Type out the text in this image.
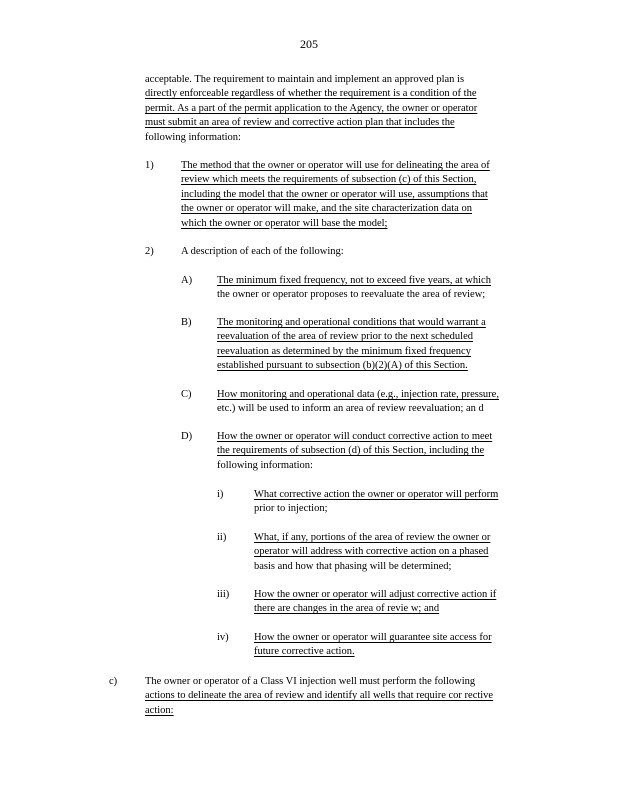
205
acceptable. The requirement to maintain and implement an approved plan is
directly enforceable regardless of whether the requirement is a condition of the
permit. As a part of the permit application to the Agency, the owner or operator
must submit an area of review and corrective action plan that includes the
following information:
1)	The method that the owner or operator will use for delineating the area of
review which meets the requirements of subsection (c) of this Section,
including the model that the owner or operator will use, assumptions that
the owner or operator will make, and the site characterization data on
which the owner or operator will base the model;
2)	A description of each of the following:
A) The minimum fixed frequency, not to exceed five years, at which
the owner or operator proposes to reevaluate the area of review;
B) The monitoring and operational conditions that would warrant a
reevaluation of the area of review prior to the next scheduled
reevaluation as determined by the minimum fixed frequency
established pursuant to subsection (b)(2)(A) of this Section.
C) How monitoring and operational data (e.g., injection rate, pressure,
etc.) will be used to inform an area of review reevaluation; an d
D) How the owner or operator will conduct corrective action to meet
the requirements of subsection (d) of this Section, including the
following information:
i)	What corrective action the owner or operator will perform
prior to injection;
ii)	What, if any, portions of the area of review the owner or
operator will address with corrective action on a phased
basis and how that phasing will be determined;
iii) How the owner or operator will adjust corrective action if
there are changes in the area of revie w; and
iv) How the owner or operator will guarantee site access for
future corrective action.
c)	The owner or operator of a Class VI injection well must perform the following
actions to delineate the area of review and identify all wells that require cor rective
action:
